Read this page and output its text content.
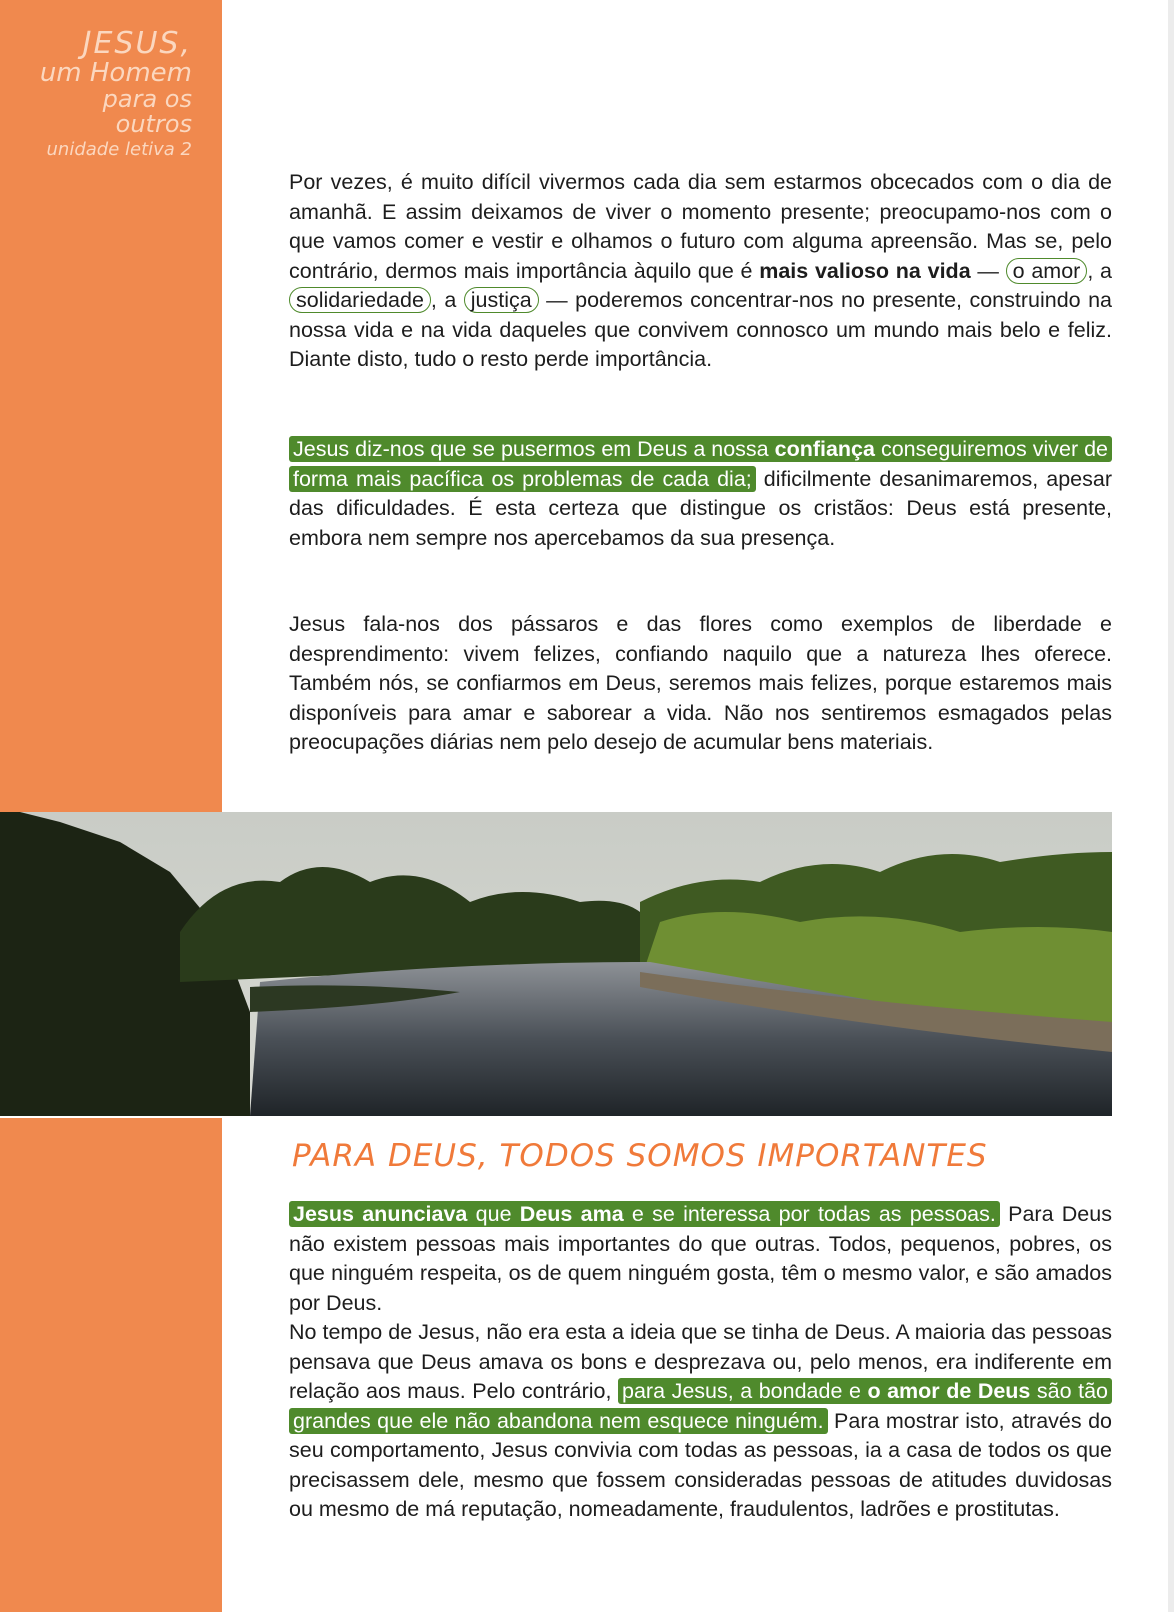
JESUS,
um Homem
para os
outros
unidade letiva 2
Por vezes, é muito difícil vivermos cada dia sem estarmos obcecados com o dia de amanhã. E assim deixamos de viver o momento presente; preocupamo-nos com o que vamos comer e vestir e olhamos o futuro com alguma apreensão. Mas se, pelo contrário, dermos mais importância àquilo que é mais valioso na vida — o amor , a solidariedade , a justiça — poderemos concentrar-nos no presente, construindo na nossa vida e na vida daqueles que convivem connosco um mundo mais belo e feliz. Diante disto, tudo o resto perde importância.
Jesus diz-nos que se pusermos em Deus a nossa confiança conseguiremos viver de forma mais pacífica os problemas de cada dia; dificilmente desanimaremos, apesar das dificuldades. É esta certeza que distingue os cristãos: Deus está presente, embora nem sempre nos apercebamos da sua presença.
Jesus fala-nos dos pássaros e das flores como exemplos de liberdade e desprendimento: vivem felizes, confiando naquilo que a natureza lhes oferece. Também nós, se confiarmos em Deus, seremos mais felizes, porque estaremos mais disponíveis para amar e saborear a vida. Não nos sentiremos esmagados pelas preocupações diárias nem pelo desejo de acumular bens materiais.
PARA DEUS, TODOS SOMOS IMPORTANTES
Jesus anunciava que Deus ama e se interessa por todas as pessoas. Para Deus não existem pessoas mais importantes do que outras. Todos, pequenos, pobres, os que ninguém respeita, os de quem ninguém gosta, têm o mesmo valor, e são amados por Deus.
No tempo de Jesus, não era esta a ideia que se tinha de Deus. A maioria das pessoas pensava que Deus amava os bons e desprezava ou, pelo menos, era indiferente em relação aos maus. Pelo contrário, para Jesus, a bondade e o amor de Deus são tão grandes que ele não abandona nem esquece ninguém. Para mostrar isto, através do seu comportamento, Jesus convivia com todas as pessoas, ia a casa de todos os que precisassem dele, mesmo que fossem consideradas pessoas de atitudes duvidosas ou mesmo de má reputação, nomeadamente, fraudulentos, ladrões e prostitutas.
